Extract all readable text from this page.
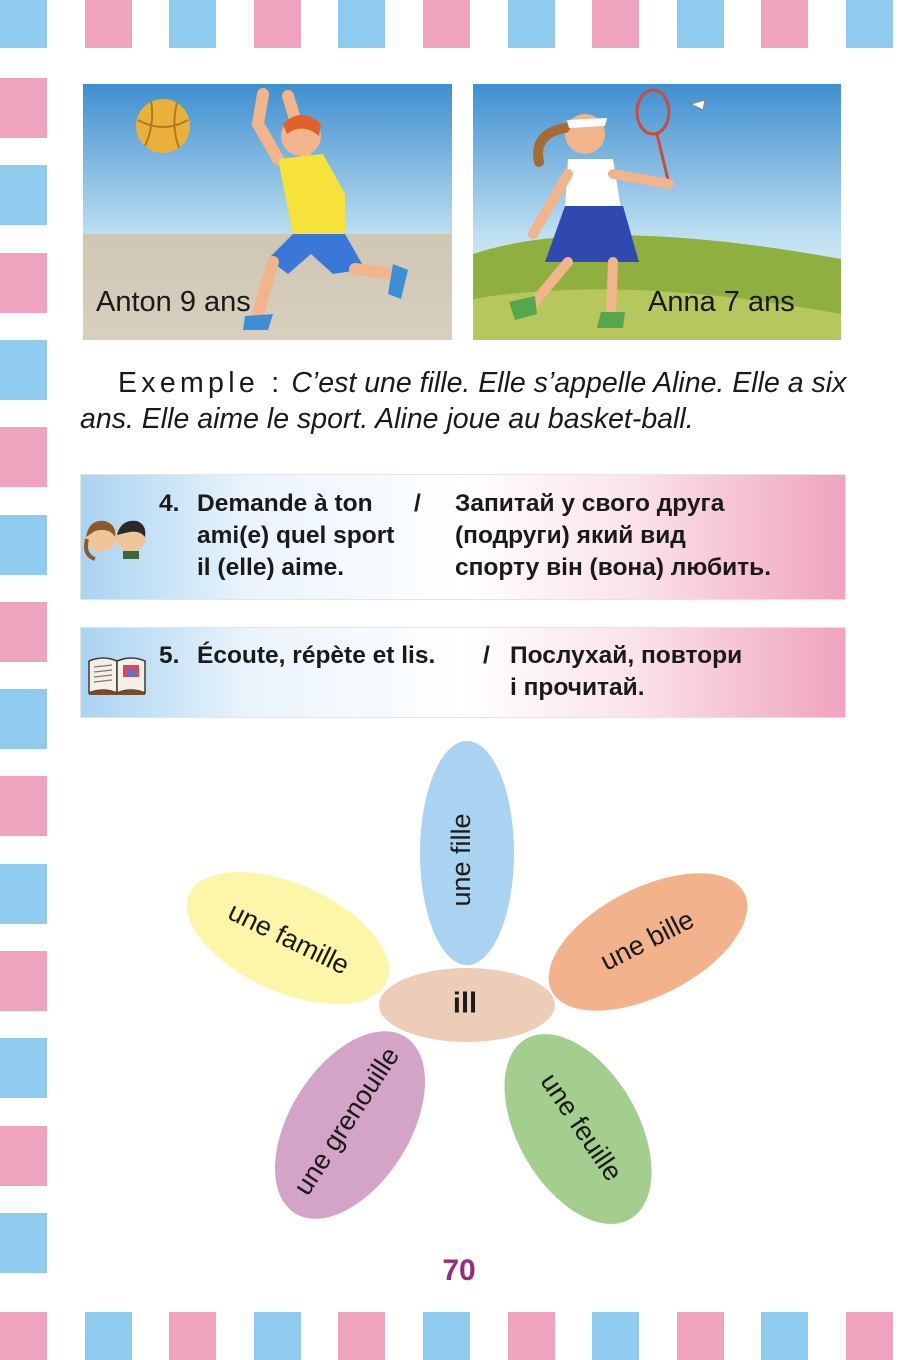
Anton 9 ans	Anna 7 ans
Exemple : C’est une fille. Elle s’appelle Aline. Elle a six ans. Elle aime le sport. Aline joue au basket-ball.
4. Demande à ton
ami(e) quel sport
il (elle) aime.
/ Запитай у свого друга
(подруги) який вид
спорту він (вона) любить.
5. Écoute, répète et lis. / Послухай, повтори
і прочитай.
une fille
une bille
une feuille
une grenouille
une famille
ill
70
